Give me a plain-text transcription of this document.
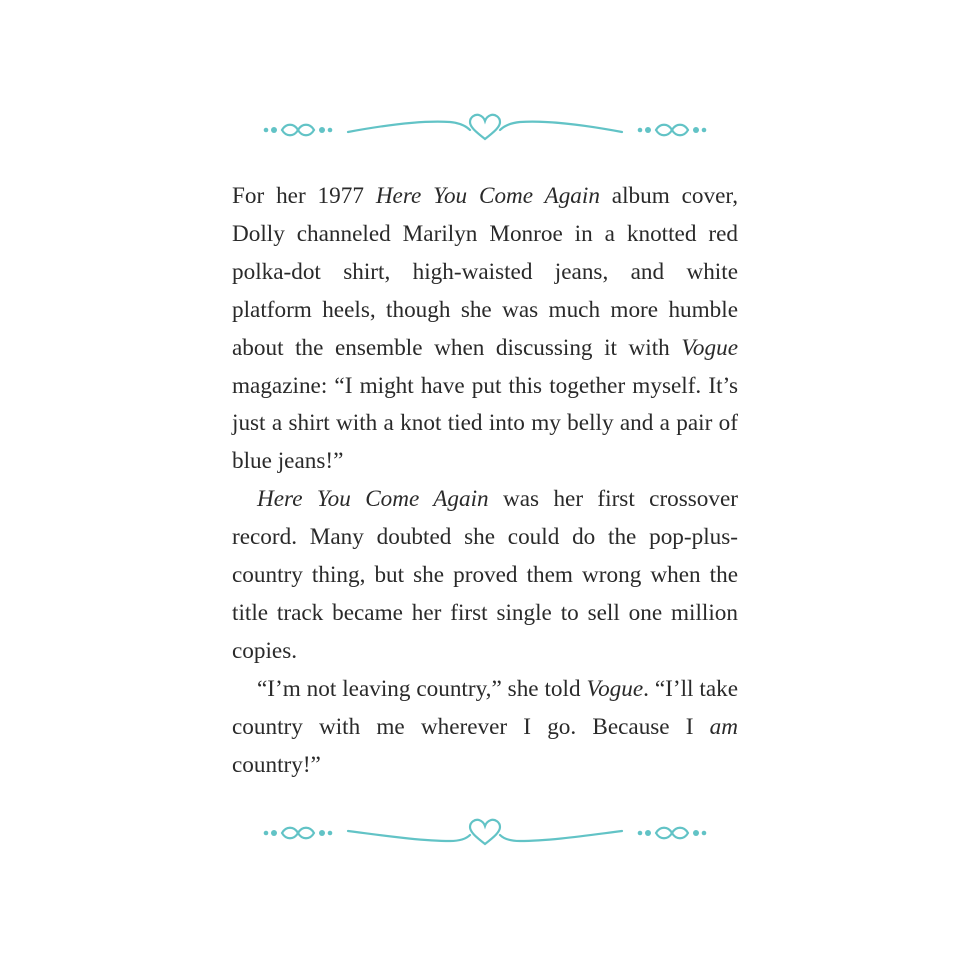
For her 1977 Here You Come Again album cover, Dolly channeled Marilyn Monroe in a knotted red polka-dot shirt, high-waisted jeans, and white platform heels, though she was much more humble about the ensemble when discussing it with Vogue magazine: “I might have put this together myself. It’s just a shirt with a knot tied into my belly and a pair of blue jeans!”

Here You Come Again was her first crossover record. Many doubted she could do the pop-plus-country thing, but she proved them wrong when the title track became her first single to sell one million copies.

“I’m not leaving country,” she told Vogue. “I’ll take country with me wherever I go. Because I am country!”
